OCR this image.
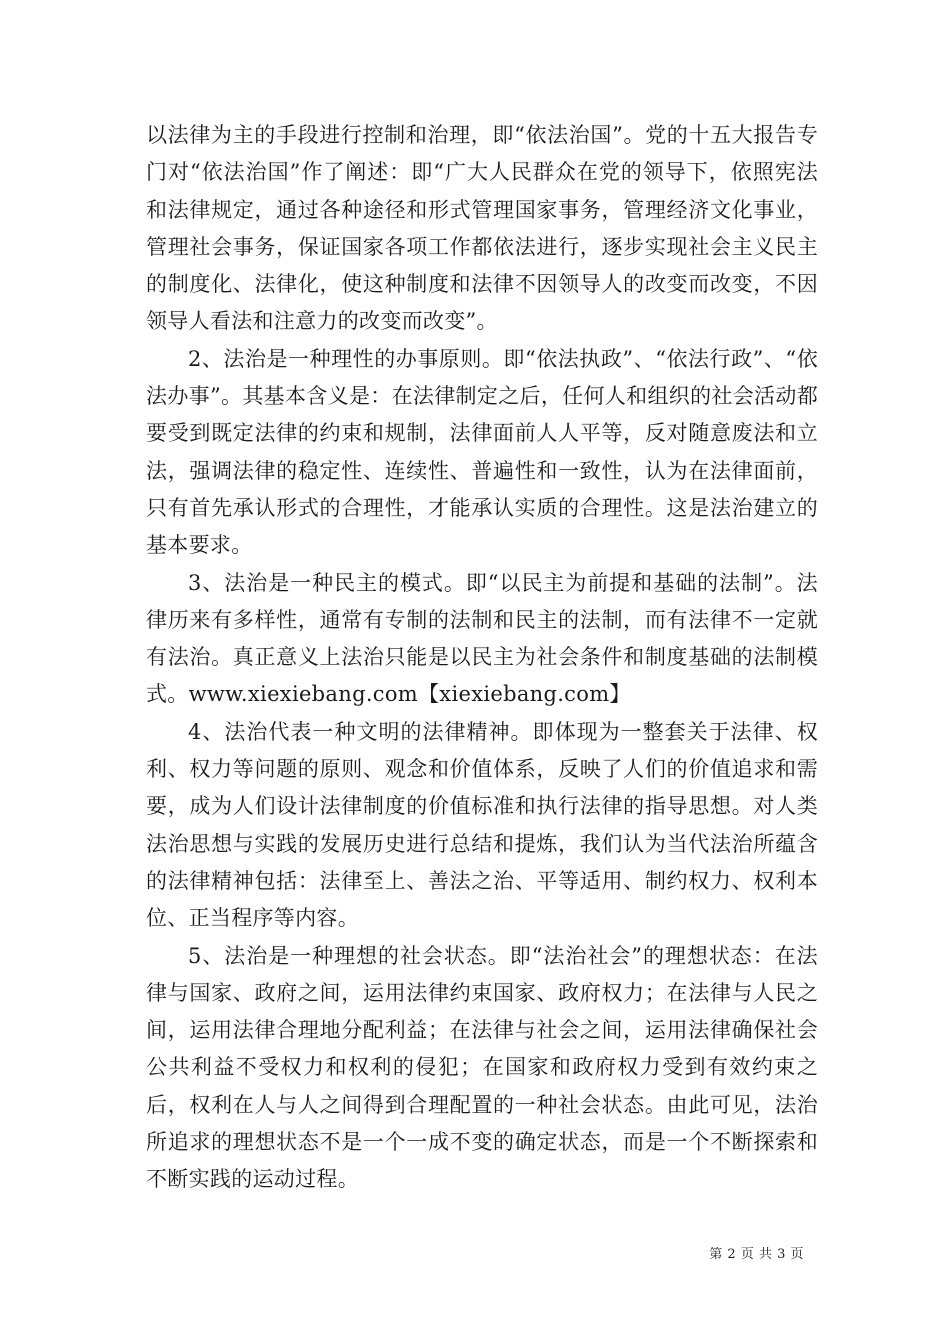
以法律为主的手段进行控制和治理，即“依法治国”。党的十五大报告专门对“依法治国”作了阐述：即“广大人民群众在党的领导下，依照宪法和法律规定，通过各种途径和形式管理国家事务，管理经济文化事业，管理社会事务，保证国家各项工作都依法进行，逐步实现社会主义民主的制度化、法律化，使这种制度和法律不因领导人的改变而改变，不因领导人看法和注意力的改变而改变”。

2、法治是一种理性的办事原则。即“依法执政”、“依法行政”、“依法办事”。其基本含义是：在法律制定之后，任何人和组织的社会活动都要受到既定法律的约束和规制，法律面前人人平等，反对随意废法和立法，强调法律的稳定性、连续性、普遍性和一致性，认为在法律面前，只有首先承认形式的合理性，才能承认实质的合理性。这是法治建立的基本要求。

3、法治是一种民主的模式。即“以民主为前提和基础的法制”。法律历来有多样性，通常有专制的法制和民主的法制，而有法律不一定就有法治。真正意义上法治只能是以民主为社会条件和制度基础的法制模式。www.xiexiebang.com【xiexiebang.com】

4、法治代表一种文明的法律精神。即体现为一整套关于法律、权利、权力等问题的原则、观念和价值体系，反映了人们的价值追求和需要，成为人们设计法律制度的价值标准和执行法律的指导思想。对人类法治思想与实践的发展历史进行总结和提炼，我们认为当代法治所蕴含的法律精神包括：法律至上、善法之治、平等适用、制约权力、权利本位、正当程序等内容。

5、法治是一种理想的社会状态。即“法治社会”的理想状态：在法律与国家、政府之间，运用法律约束国家、政府权力；在法律与人民之间，运用法律合理地分配利益；在法律与社会之间，运用法律确保社会公共利益不受权力和权利的侵犯；在国家和政府权力受到有效约束之后，权利在人与人之间得到合理配置的一种社会状态。由此可见，法治所追求的理想状态不是一个一成不变的确定状态，而是一个不断探索和不断实践的运动过程。

第 2 页 共 3 页
